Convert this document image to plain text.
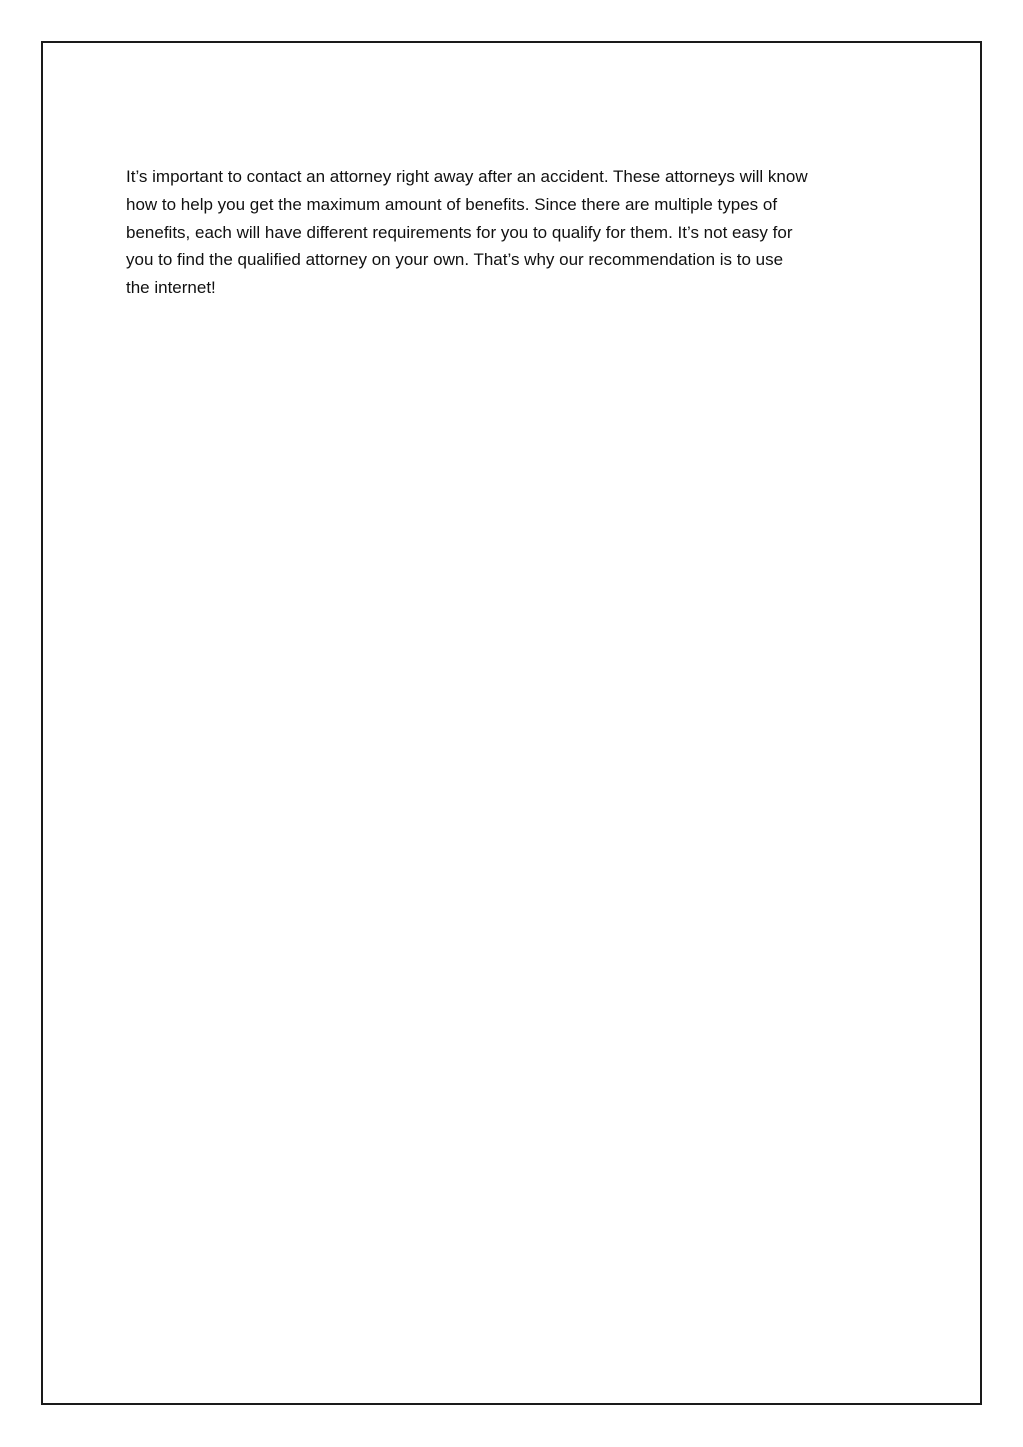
It’s important to contact an attorney right away after an accident. These attorneys will know
how to help you get the maximum amount of benefits. Since there are multiple types of
benefits, each will have different requirements for you to qualify for them. It’s not easy for
you to find the qualified attorney on your own. That’s why our recommendation is to use
the internet!
